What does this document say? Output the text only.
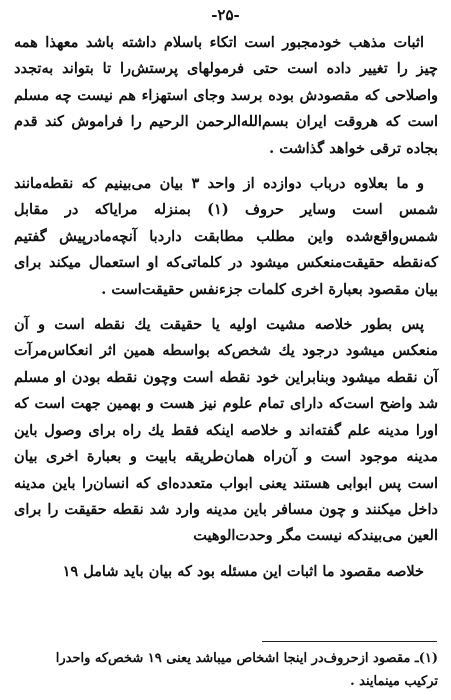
-۲۵-

اثبات مذهب خودمجبور است اتکاء باسلام داشته باشد معهذا همه چیز را تغییر داده است حتی فرمولهای پرستش‌را تا بتواند به‌تجدد و‌اصلاحی که مقصودش بوده برسد وجای استهزاء هم نیست چه مسلم است که هر‌وقت ایران بسم‌الله‌الرحمن الرحیم را فراموش کند قدم بجاده ترقی خواهد گذاشت .

و ما بعلاوه در‌باب دوازده از واحد ۳ بیان می‌بینیم که نقطه‌مانند شمس است وسایر حروف (۱) بمنزله مرایاکه در مقابل شمس‌واقع‌شده واین مطلب مطابقت داردبا آنچه‌مادر‌پیش گفتیم که‌نقطه حقیقت‌منعکس میشود در کلماتی‌که او استعمال میکند برای بیان مقصود بعبارة اخری کلمات جزء‌نفس حقیقت‌است .

پس بطور خلاصه مشیت اولیه یا حقیقت یك نقطه است و آن منعکس میشود درجود یك شخص‌که بواسطه همین اثر انعکاس‌مرآت آن نقطه میشود و‌بنابراین خود نقطه است وچون نقطه بودن او مسلم شد واضح است‌که دارای تمام علوم نیز هست و بهمین جهت است که اورا مدینه علم گفته‌اند و خلاصه اینکه فقط یك راه برای وصول باین مدینه موجود است و آن‌راه همان‌طریقه بابیت و بعبارة اخری بیان است پس ابوابی هستند یعنی ابواب متعدده‌ای که انسان‌را باین مدینه داخل میکنند و چون مسافر باین مدینه وارد شد نقطه حقیقت را برای العین می‌بیند‌که نیست مگر وحدت‌الوهیت

خلاصه مقصود ما اثبات این مسئله بود که بیان باید شامل ۱۹

(۱)ـ مقصود ازحروف‌در اینجا اشخاص میباشد یعنی ۱۹ شخص‌که واحدرا ترکیب مینمایند .
